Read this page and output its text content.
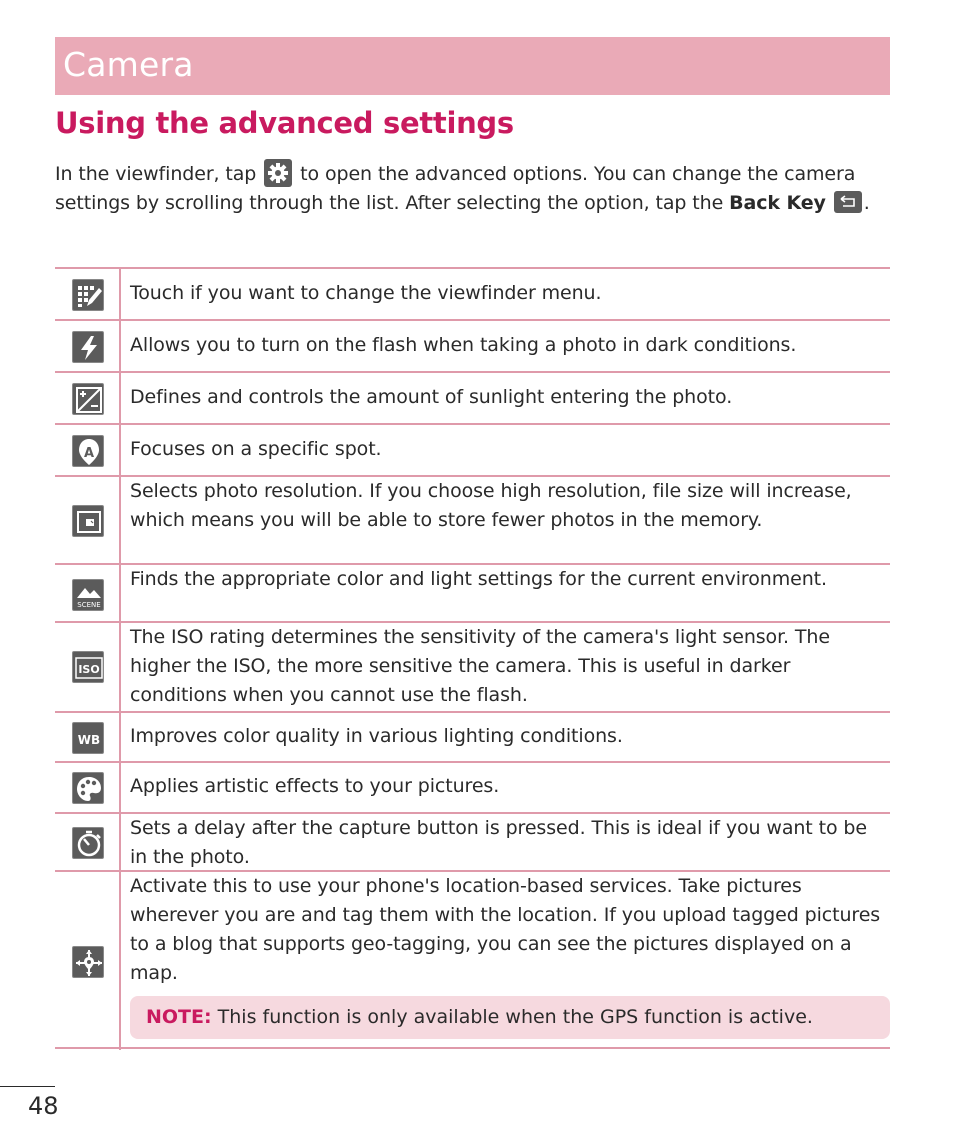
Camera
Using the advanced settings
In the viewfinder, tap to open the advanced options. You can change the camera settings by scrolling through the list. After selecting the option, tap the Back Key .
Touch if you want to change the viewfinder menu.
Allows you to turn on the flash when taking a photo in dark conditions.
Defines and controls the amount of sunlight entering the photo.
A Focuses on a specific spot.
Selects photo resolution. If you choose high resolution, file size will increase, which means you will be able to store fewer photos in the memory.
SCENE
Finds the appropriate color and light settings for the current environment.
ISO
The ISO rating determines the sensitivity of the camera's light sensor. The higher the ISO, the more sensitive the camera. This is useful in darker conditions when you cannot use the flash.
WB Improves color quality in various lighting conditions.
Applies artistic effects to your pictures.
Sets a delay after the capture button is pressed. This is ideal if you want to be in the photo.
Activate this to use your phone's location-based services. Take pictures wherever you are and tag them with the location. If you upload tagged pictures to a blog that supports geo-tagging, you can see the pictures displayed on a map.
NOTE: This function is only available when the GPS function is active.
48
